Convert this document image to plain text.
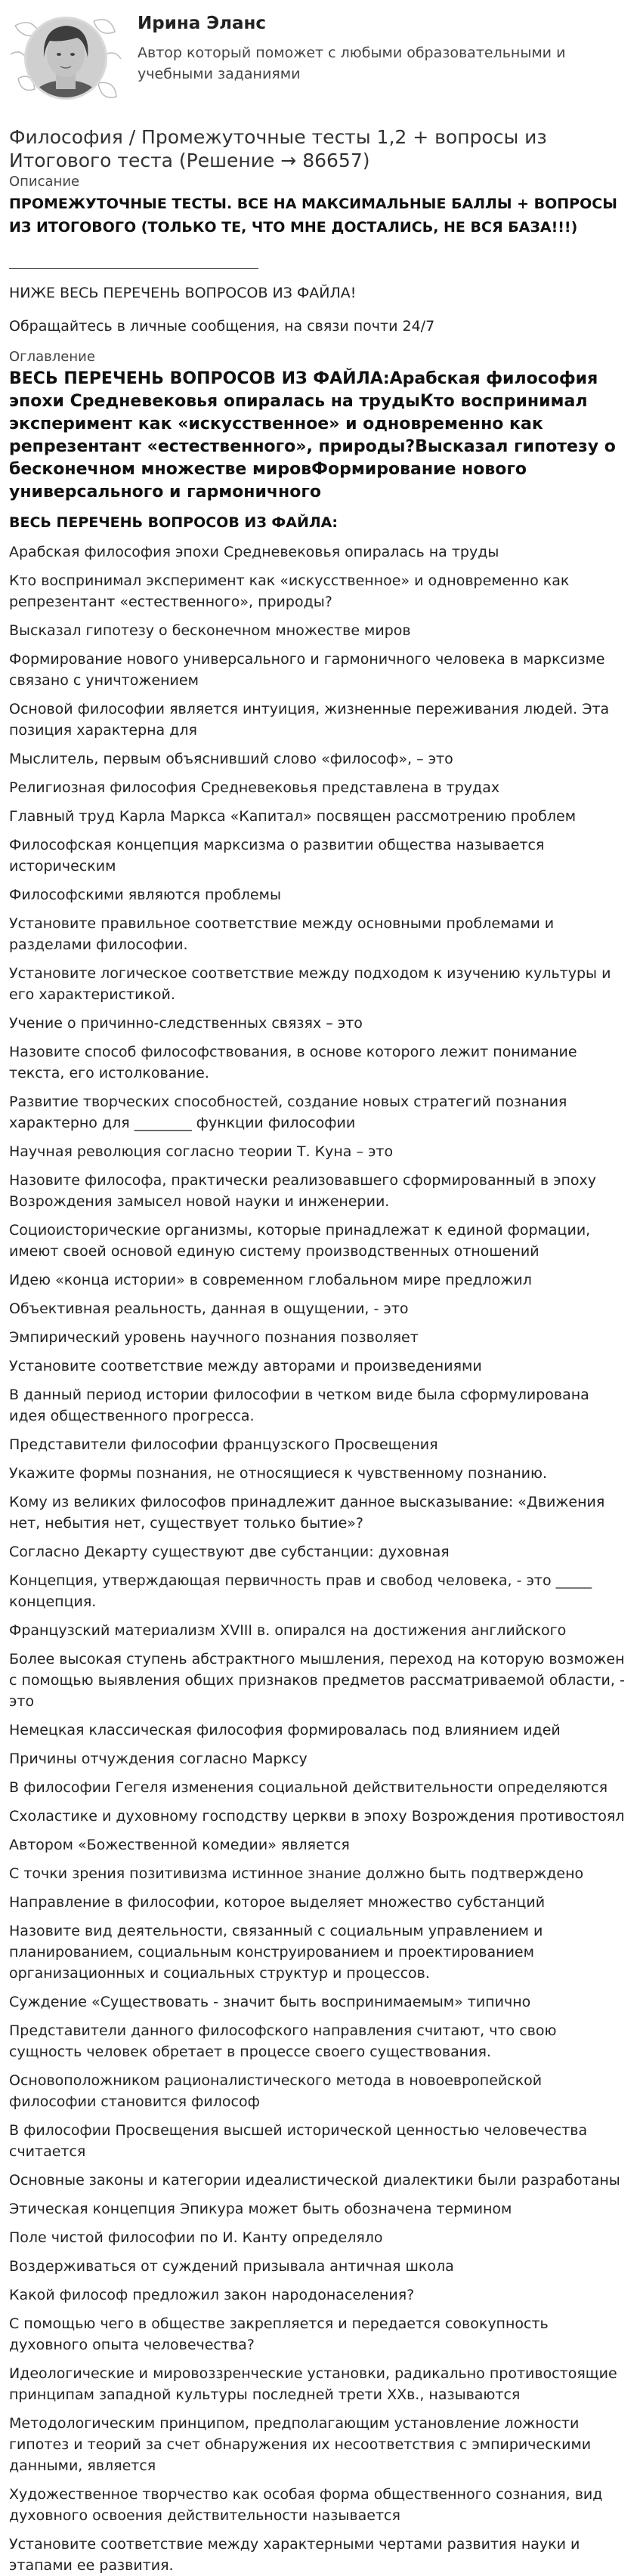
Ирина Эланс
Автор который поможет с любыми образовательными и учебными заданиями
Философия / Промежуточные тесты 1,2 + вопросы из Итогового теста (Решение → 86657)
Описание
ПРОМЕЖУТОЧНЫЕ ТЕСТЫ. ВСЕ НА МАКСИМАЛЬНЫЕ БАЛЛЫ + ВОПРОСЫ ИЗ ИТОГОВОГО (ТОЛЬКО ТЕ, ЧТО МНЕ ДОСТАЛИСЬ, НЕ ВСЯ БАЗА!!!)

НИЖЕ ВЕСЬ ПЕРЕЧЕНЬ ВОПРОСОВ ИЗ ФАЙЛА!

Обращайтесь в личные сообщения, на связи почти 24/7

Оглавление
ВЕСЬ ПЕРЕЧЕНЬ ВОПРОСОВ ИЗ ФАЙЛА:Арабская философия эпохи Средневековья опиралась на трудыКто воспринимал эксперимент как «искусственное» и одновременно как репрезентант «естественного», природы?Высказал гипотезу о бесконечном множестве мировФормирование нового универсального и гармоничного
ВЕСЬ ПЕРЕЧЕНЬ ВОПРОСОВ ИЗ ФАЙЛА:

Арабская философия эпохи Средневековья опиралась на труды

Кто воспринимал эксперимент как «искусственное» и одновременно как репрезентант «естественного», природы?

Высказал гипотезу о бесконечном множестве миров

Формирование нового универсального и гармоничного человека в марксизме связано с уничтожением

Основой философии является интуиция, жизненные переживания людей. Эта позиция характерна для

Мыслитель, первым объяснивший слово «философ», – это

Религиозная философия Средневековья представлена в трудах

Главный труд Карла Маркса «Капитал» посвящен рассмотрению проблем

Философская концепция марксизма о развитии общества называется историческим

Философскими являются проблемы

Установите правильное соответствие между основными проблемами и разделами философии.

Установите логическое соответствие между подходом к изучению культуры и его характеристикой.

Учение о причинно-следственных связях – это

Назовите способ философствования, в основе которого лежит понимание текста, его истолкование.

Развитие творческих способностей, создание новых стратегий познания характерно для ________ функции философии

Научная революция согласно теории Т. Куна – это

Назовите философа, практически реализовавшего сформированный в эпоху Возрождения замысел новой науки и инженерии.

Социоисторические организмы, которые принадлежат к единой формации, имеют своей основой единую систему производственных отношений

Идею «конца истории» в современном глобальном мире предложил

Объективная реальность, данная в ощущении, - это

Эмпирический уровень научного познания позволяет

Установите соответствие между авторами и произведениями

В данный период истории философии в четком виде была сформулирована идея общественного прогресса.

Представители философии французского Просвещения

Укажите формы познания, не относящиеся к чувственному познанию.

Кому из великих философов принадлежит данное высказывание: «Движения нет, небытия нет, существует только бытие»?

Согласно Декарту существуют две субстанции: духовная

Концепция, утверждающая первичность прав и свобод человека, - это _____ концепция.

Французский материализм XVIII в. опирался на достижения английского

Более высокая ступень абстрактного мышления, переход на которую возможен с помощью выявления общих признаков предметов рассматриваемой области, - это

Немецкая классическая философия формировалась под влиянием идей

Причины отчуждения согласно Марксу

В философии Гегеля изменения социальной действительности определяются

Схоластике и духовному господству церкви в эпоху Возрождения противостоял

Автором «Божественной комедии» является

С точки зрения позитивизма истинное знание должно быть подтверждено

Направление в философии, которое выделяет множество субстанций

Назовите вид деятельности, связанный с социальным управлением и планированием, социальным конструированием и проектированием организационных и социальных структур и процессов.

Суждение «Существовать - значит быть воспринимаемым» типично

Представители данного философского направления считают, что свою сущность человек обретает в процессе своего существования.

Основоположником рационалистического метода в новоевропейской философии становится философ

В философии Просвещения высшей исторической ценностью человечества считается

Основные законы и категории идеалистической диалектики были разработаны

Этическая концепция Эпикура может быть обозначена термином

Поле чистой философии по И. Канту определяло

Воздерживаться от суждений призывала античная школа

Какой философ предложил закон народонаселения?

С помощью чего в обществе закрепляется и передается совокупность духовного опыта человечества?

Идеологические и мировоззренческие установки, радикально противостоящие принципам западной культуры последней трети XXв., называются

Методологическим принципом, предполагающим установление ложности гипотез и теорий за счет обнаружения их несоответствия с эмпирическими данными, является

Художественное творчество как особая форма общественного сознания, вид духовного освоения действительности называется

Установите соответствие между характерными чертами развития науки и этапами ее развития.
